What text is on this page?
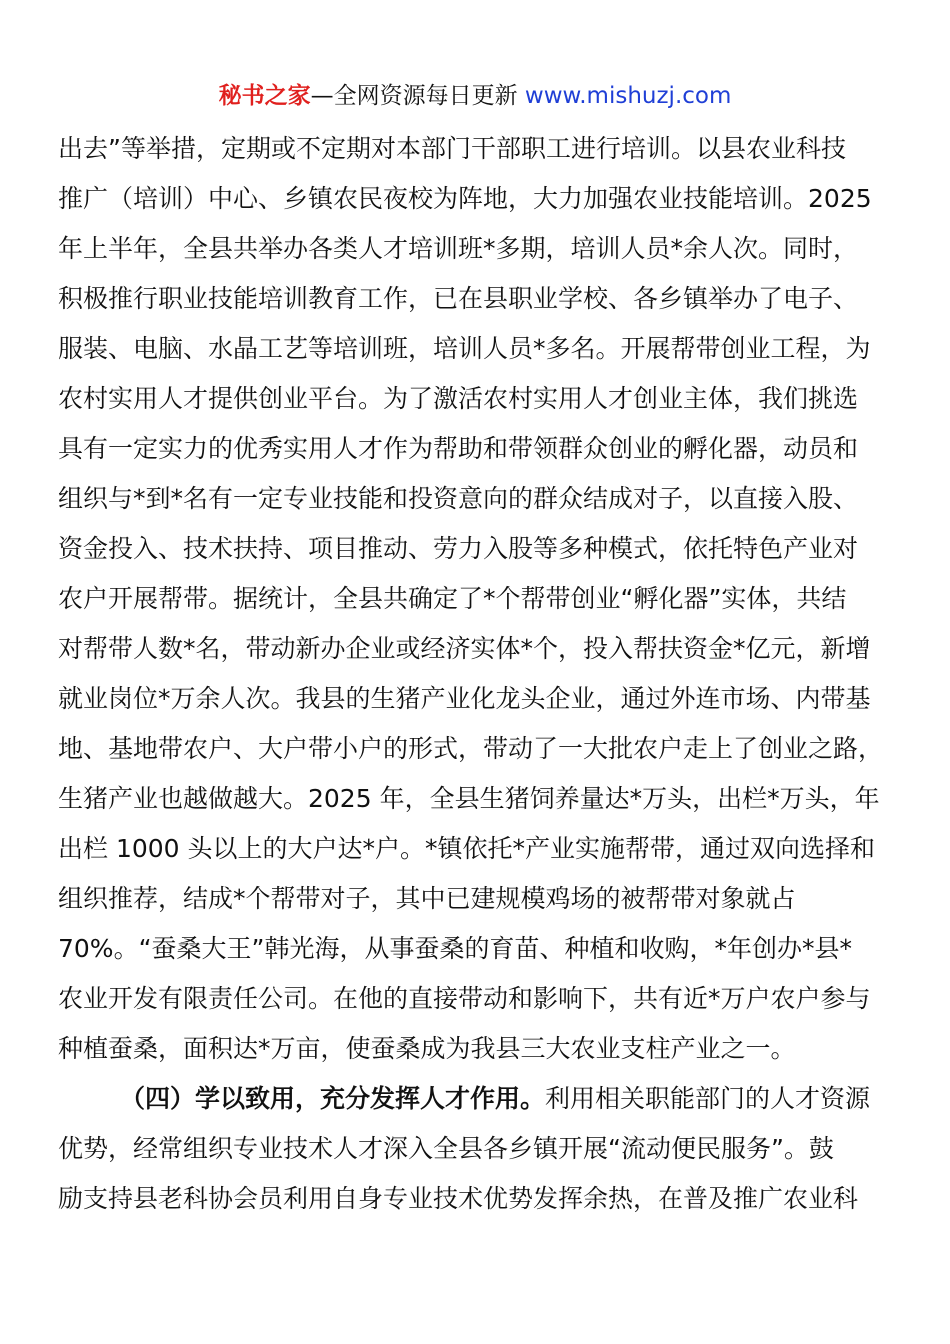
秘书之家—全网资源每日更新 www.mishuzj.com
出去”等举措，定期或不定期对本部门干部职工进行培训。以县农业科技
推广（培训）中心、乡镇农民夜校为阵地，大力加强农业技能培训。2025
年上半年，全县共举办各类人才培训班*多期，培训人员*余人次。同时，
积极推行职业技能培训教育工作，已在县职业学校、各乡镇举办了电子、
服装、电脑、水晶工艺等培训班，培训人员*多名。开展帮带创业工程，为
农村实用人才提供创业平台。为了激活农村实用人才创业主体，我们挑选
具有一定实力的优秀实用人才作为帮助和带领群众创业的孵化器，动员和
组织与*到*名有一定专业技能和投资意向的群众结成对子，以直接入股、
资金投入、技术扶持、项目推动、劳力入股等多种模式，依托特色产业对
农户开展帮带。据统计，全县共确定了*个帮带创业“孵化器”实体，共结
对帮带人数*名，带动新办企业或经济实体*个，投入帮扶资金*亿元，新增
就业岗位*万余人次。我县的生猪产业化龙头企业，通过外连市场、内带基
地、基地带农户、大户带小户的形式，带动了一大批农户走上了创业之路，
生猪产业也越做越大。2025 年，全县生猪饲养量达*万头，出栏*万头，年
出栏 1000 头以上的大户达*户。*镇依托*产业实施帮带，通过双向选择和
组织推荐，结成*个帮带对子，其中已建规模鸡场的被帮带对象就占
70%。“蚕桑大王”韩光海，从事蚕桑的育苗、种植和收购，*年创办*县*
农业开发有限责任公司。在他的直接带动和影响下，共有近*万户农户参与
种植蚕桑，面积达*万亩，使蚕桑成为我县三大农业支柱产业之一。
（四）学以致用，充分发挥人才作用。利用相关职能部门的人才资源
优势，经常组织专业技术人才深入全县各乡镇开展“流动便民服务”。鼓
励支持县老科协会员利用自身专业技术优势发挥余热，在普及推广农业科
